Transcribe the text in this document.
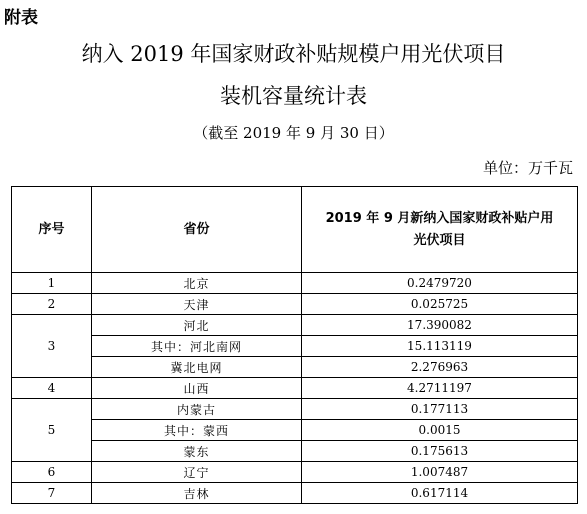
附表
纳入 2019 年国家财政补贴规模户用光伏项目
装机容量统计表
（截至 2019 年 9 月 30 日）
单位：万千瓦
序号	省份	2019 年 9 月新纳入国家财政补贴户用光伏项目
1	北京	0.2479720
2	天津	0.025725
3	河北	17.390082
	其中：河北南网	15.113119
	冀北电网	2.276963
4	山西	4.2711197
5	内蒙古	0.177113
	其中：蒙西	0.0015
	蒙东	0.175613
6	辽宁	1.007487
7	吉林	0.617114
